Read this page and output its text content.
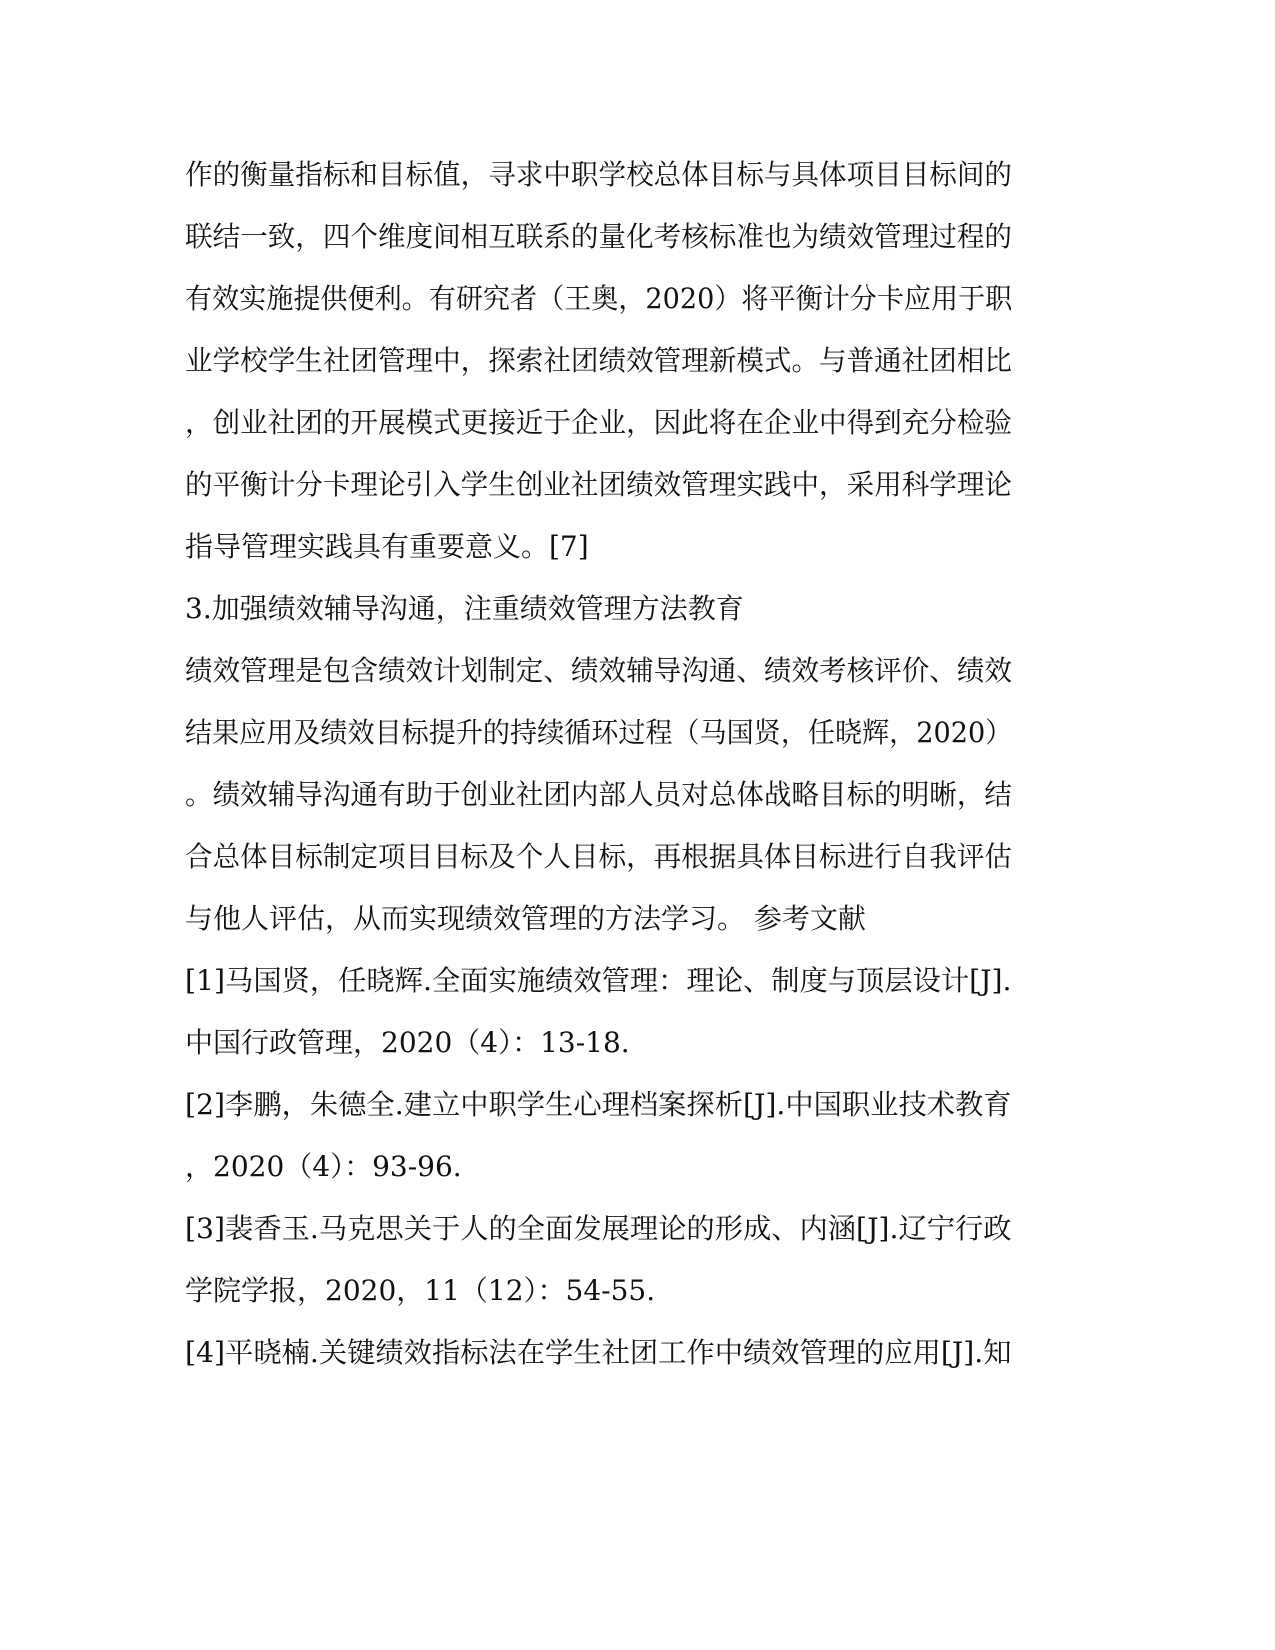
作的衡量指标和目标值，寻求中职学校总体目标与具体项目目标间的
联结一致，四个维度间相互联系的量化考核标准也为绩效管理过程的
有效实施提供便利。有研究者（王奥，2020）将平衡计分卡应用于职
业学校学生社团管理中，探索社团绩效管理新模式。与普通社团相比
，创业社团的开展模式更接近于企业，因此将在企业中得到充分检验
的平衡计分卡理论引入学生创业社团绩效管理实践中，采用科学理论
指导管理实践具有重要意义。[7]
3.加强绩效辅导沟通，注重绩效管理方法教育
绩效管理是包含绩效计划制定、绩效辅导沟通、绩效考核评价、绩效
结果应用及绩效目标提升的持续循环过程（马国贤，任晓辉，2020）
。绩效辅导沟通有助于创业社团内部人员对总体战略目标的明晰，结
合总体目标制定项目目标及个人目标，再根据具体目标进行自我评估
与他人评估，从而实现绩效管理的方法学习。 参考文献
[1]马国贤，任晓辉.全面实施绩效管理：理论、制度与顶层设计[J].
中国行政管理，2020（4）：13-18.
[2]李鹏，朱德全.建立中职学生心理档案探析[J].中国职业技术教育
，2020（4）：93-96.
[3]裴香玉.马克思关于人的全面发展理论的形成、内涵[J].辽宁行政
学院学报，2020，11（12）：54-55.
[4]平晓楠.关键绩效指标法在学生社团工作中绩效管理的应用[J].知
